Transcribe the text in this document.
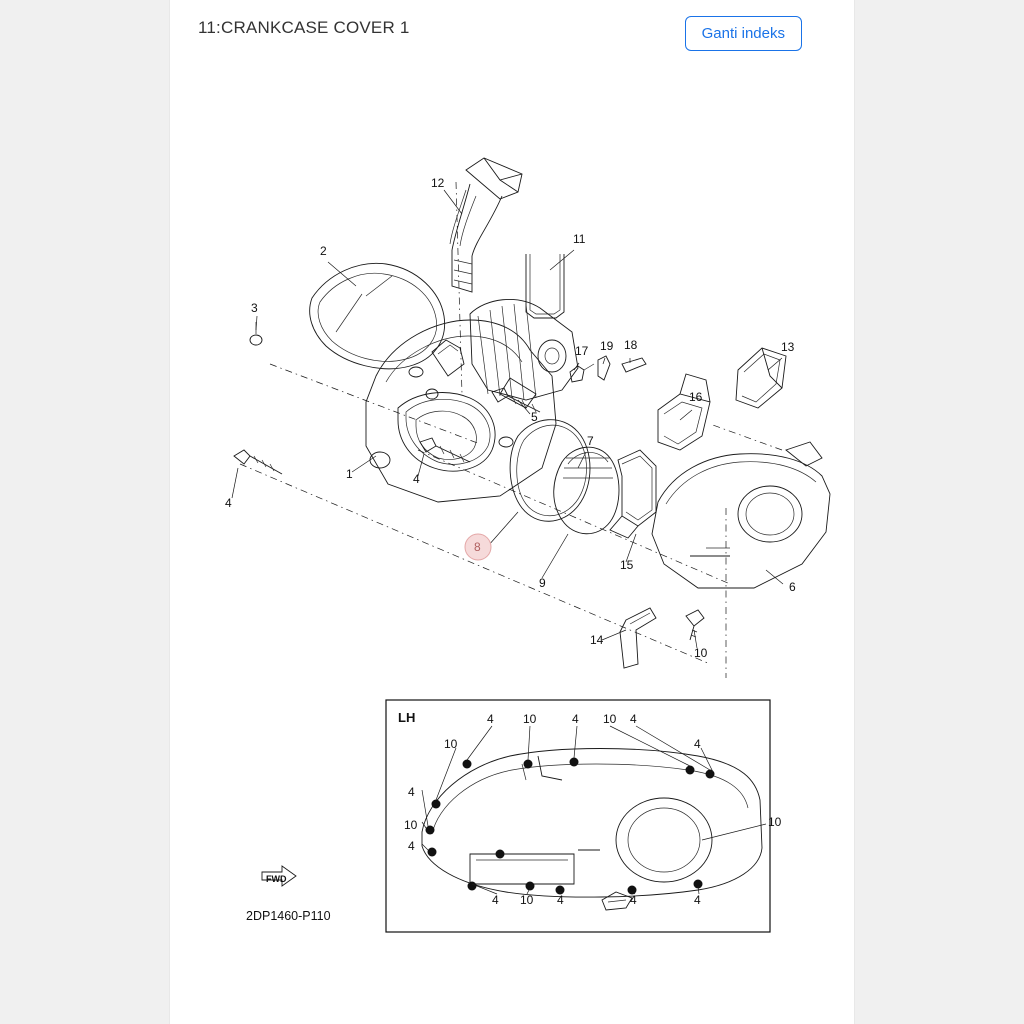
11:CRANKCASE COVER 1	Ganti indeks
1
2
3
4
4
5
6
7
9
10
11
12
13
14
15
16
17 19 18
8
LH	4 10	4 10 4
10	4
4
10
4
10
4 10 4	4	4
FWD
2DP1460-P110
